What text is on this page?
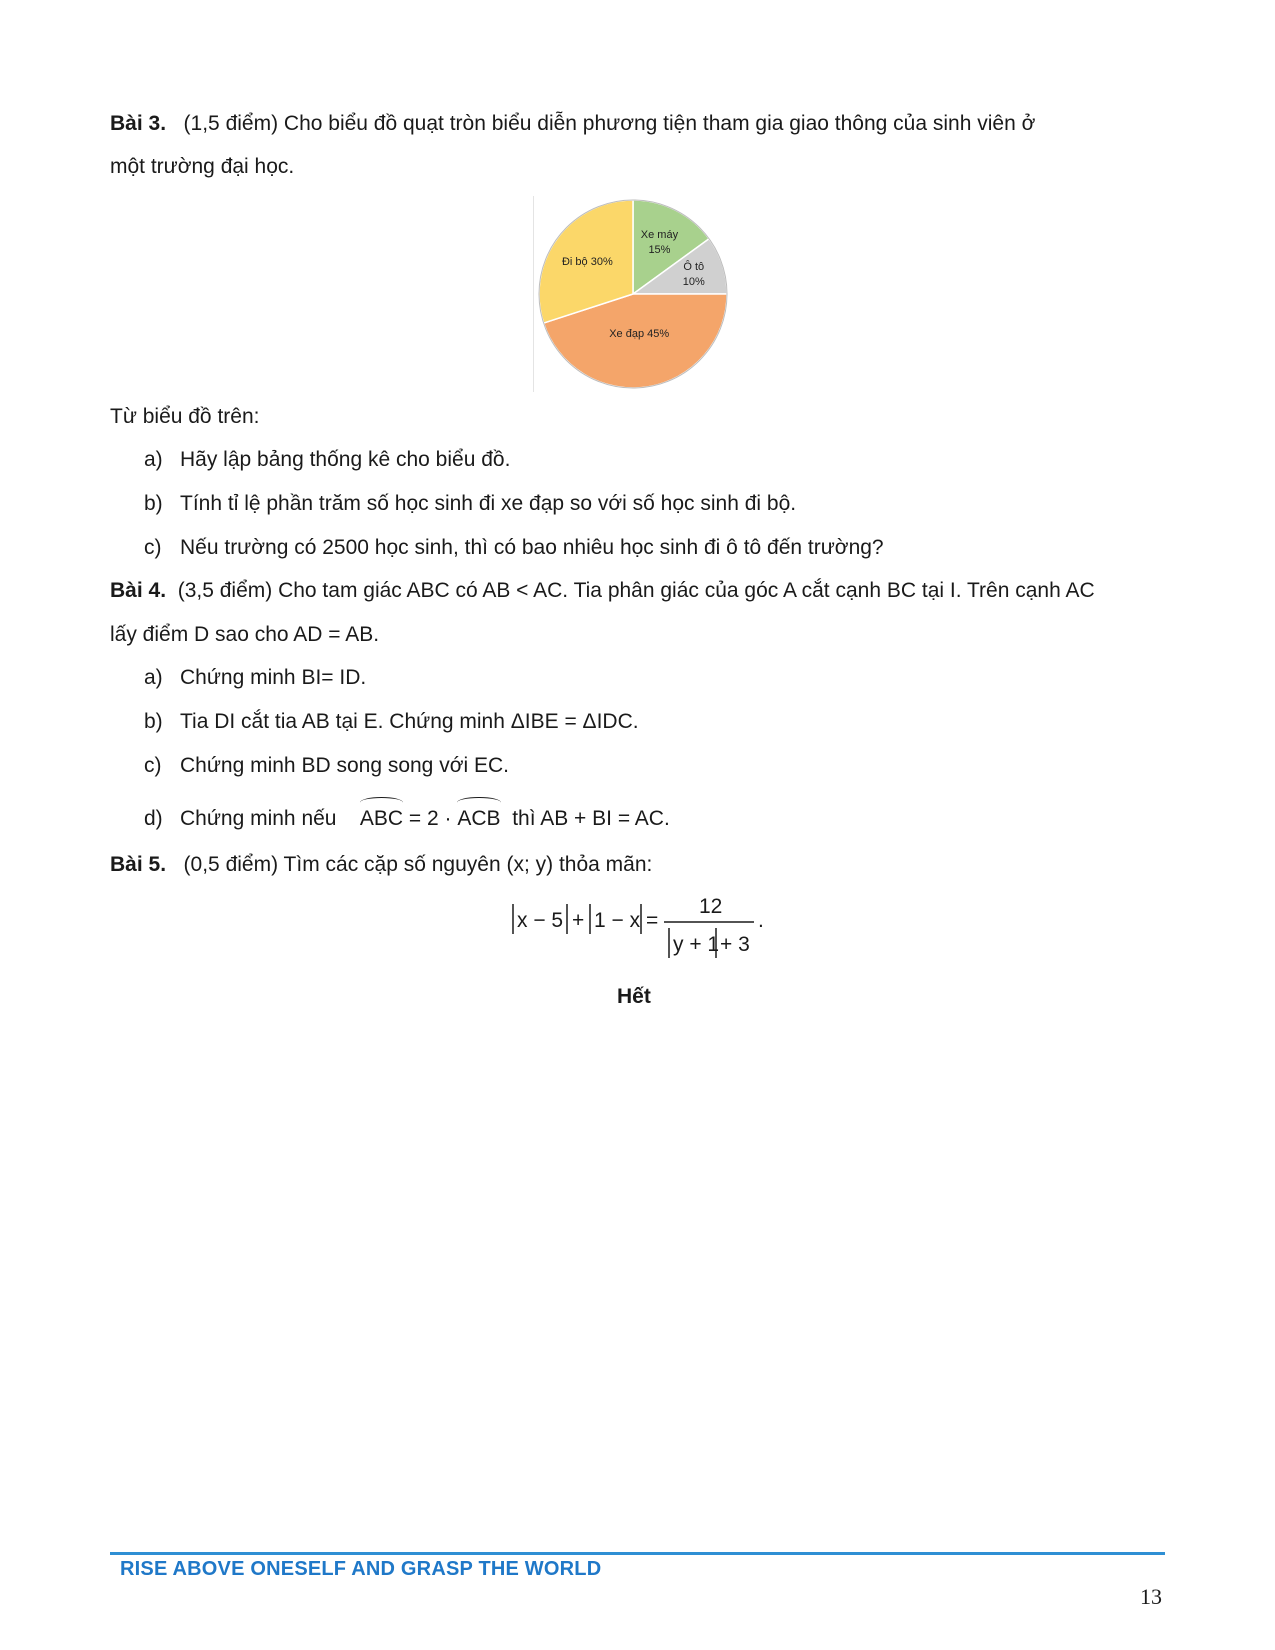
Bài 3. (1,5 điểm) Cho biểu đồ quạt tròn biểu diễn phương tiện tham gia giao thông của sinh viên ở
một trường đại học.
Xe máy 15%
Ô tô 10%
Xe đạp 45%
Đi bộ 30%
Từ biểu đồ trên:
a) Hãy lập bảng thống kê cho biểu đồ.
b) Tính tỉ lệ phần trăm số học sinh đi xe đạp so với số học sinh đi bộ.
c) Nếu trường có 2500 học sinh, thì có bao nhiêu học sinh đi ô tô đến trường?
Bài 4. (3,5 điểm) Cho tam giác ABC có AB < AC. Tia phân giác của góc A cắt cạnh BC tại I. Trên cạnh AC
lấy điểm D sao cho AD = AB.
a) Chứng minh BI= ID.
b) Tia DI cắt tia AB tại E. Chứng minh ΔIBE = ΔIDC.
c) Chứng minh BD song song với EC.
d) Chứng minh nếu ABC = 2 · ACB thì AB + BI = AC.
Bài 5. (0,5 điểm) Tìm các cặp số nguyên (x; y) thỏa mãn:
x − 5 + 1 − x =
12
y + 1 + 3
.
Hết
RISE ABOVE ONESELF AND GRASP THE WORLD
13
